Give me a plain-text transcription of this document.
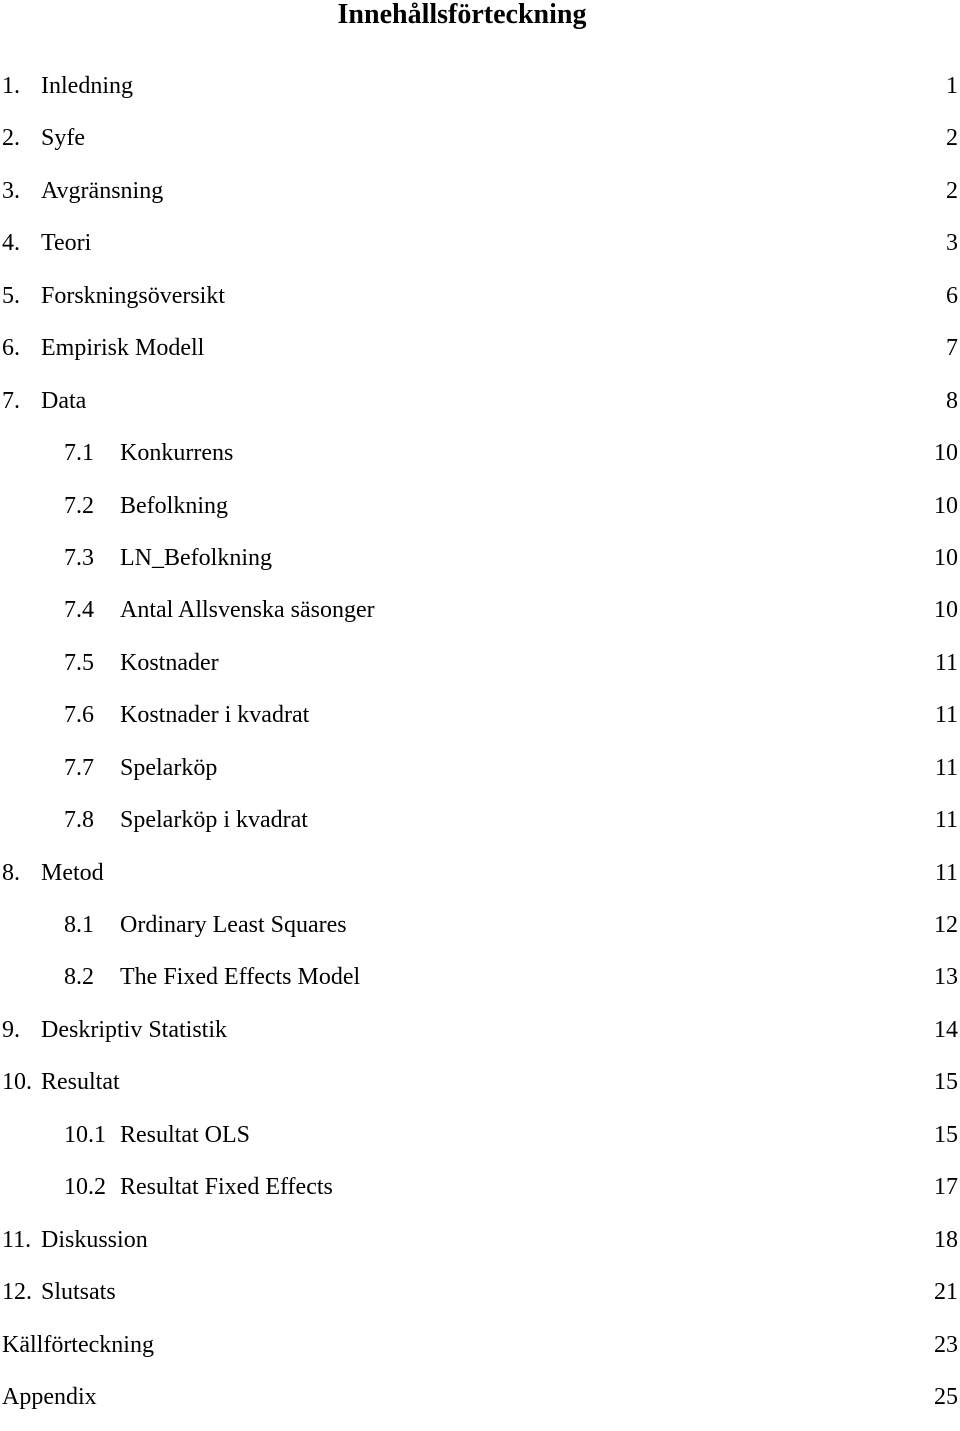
Innehållsförteckning
1. Inledning	1
2. Syfe	2
3. Avgränsning	2
4. Teori	3
5. Forskningsöversikt	6
6. Empirisk Modell	7
7. Data	8
7.1 Konkurrens	10
7.2 Befolkning	10
7.3 LN_Befolkning	10
7.4 Antal Allsvenska säsonger	10
7.5 Kostnader	11
7.6 Kostnader i kvadrat	11
7.7 Spelarköp	11
7.8 Spelarköp i kvadrat	11
8. Metod	11
8.1 Ordinary Least Squares	12
8.2 The Fixed Effects Model	13
9. Deskriptiv Statistik	14
10. Resultat	15
10.1 Resultat OLS	15
10.2 Resultat Fixed Effects	17
11. Diskussion	18
12. Slutsats	21
Källförteckning	23
Appendix	25
